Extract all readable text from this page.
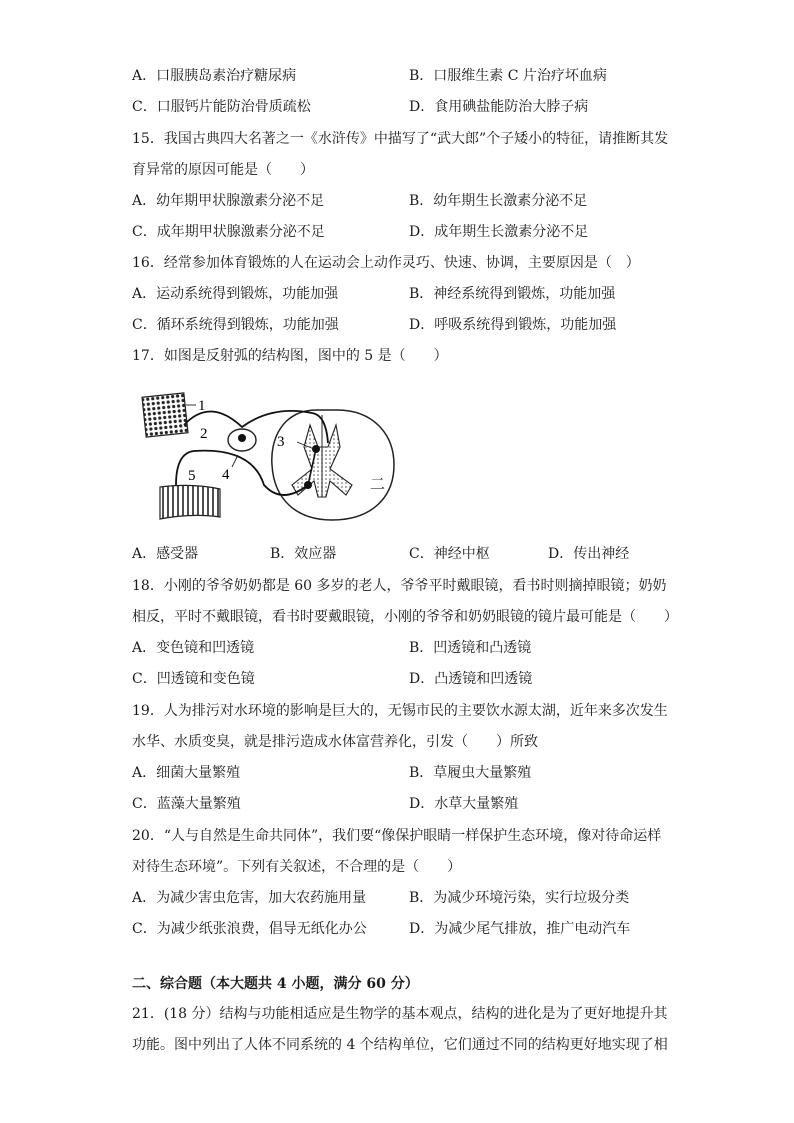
A．口服胰岛素治疗糖尿病	B．口服维生素 C 片治疗坏血病
C．口服钙片能防治骨质疏松	D．食用碘盐能防治大脖子病
15．我国古典四大名著之一《水浒传》中描写了“武大郎”个子矮小的特征，请推断其发
育异常的原因可能是（　　）
A．幼年期甲状腺激素分泌不足	B．幼年期生长激素分泌不足
C．成年期甲状腺激素分泌不足	D．成年期生长激素分泌不足
16．经常参加体育锻炼的人在运动会上动作灵巧、快速、协调，主要原因是（　）
A．运动系统得到锻炼，功能加强	B．神经系统得到锻炼，功能加强
C．循环系统得到锻炼，功能加强	D．呼吸系统得到锻炼，功能加强
17．如图是反射弧的结构图，图中的 5 是（　　）
1
2	3
4
5
二
A．感受器	B．效应器	C．神经中枢	D．传出神经
18．小刚的爷爷奶奶都是 60 多岁的老人，爷爷平时戴眼镜，看书时则摘掉眼镜；奶奶
相反，平时不戴眼镜，看书时要戴眼镜，小刚的爷爷和奶奶眼镜的镜片最可能是（　　）
A．变色镜和凹透镜	B．凹透镜和凸透镜
C．凹透镜和变色镜	D．凸透镜和凹透镜
19．人为排污对水环境的影响是巨大的，无锡市民的主要饮水源太湖，近年来多次发生
水华、水质变臭，就是排污造成水体富营养化，引发（　　）所致
A．细菌大量繁殖	B．草履虫大量繁殖
C．蓝藻大量繁殖	D．水草大量繁殖
20．“人与自然是生命共同体”，我们要“像保护眼睛一样保护生态环境，像对待命运样
对待生态环境”。下列有关叙述，不合理的是（　　）
A．为减少害虫危害，加大农药施用量	B．为减少环境污染，实行垃圾分类
C．为减少纸张浪费，倡导无纸化办公	D．为减少尾气排放，推广电动汽车
二、综合题（本大题共 4 小题，满分 60 分）
21．(18 分）结构与功能相适应是生物学的基本观点，结构的进化是为了更好地提升其
功能。图中列出了人体不同系统的 4 个结构单位，它们通过不同的结构更好地实现了相
